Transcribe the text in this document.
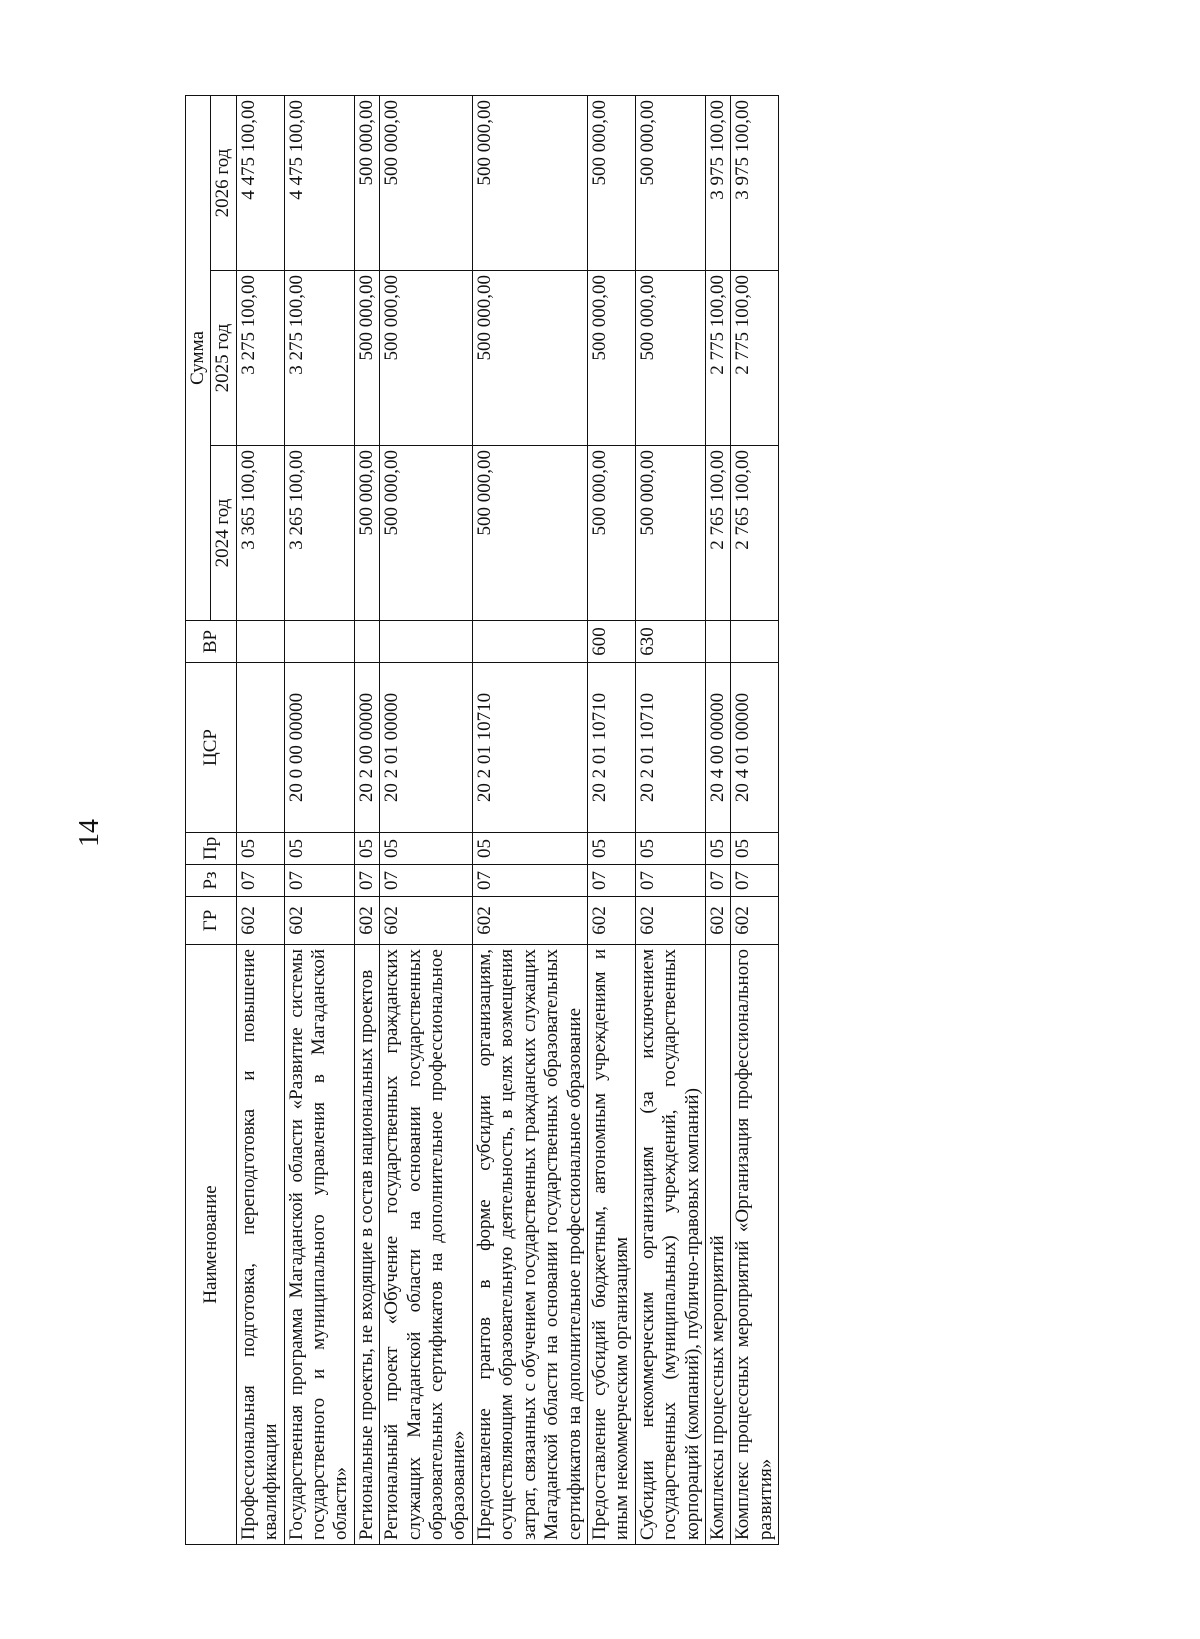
14
Наименование	ГР	Рз	Пр	ЦСР	ВР	Сумма		
						2024 год	2025 год	2026 год
Профессиональная подготовка, переподготовка и повышение квалификации	602	07	05			3 365 100,00	3 275 100,00	4 475 100,00
Государственная программа Магаданской области «Развитие системы государственного и муниципального управления в Магаданской области»	602	07	05	20 0 00 00000		3 265 100,00	3 275 100,00	4 475 100,00
Региональные проекты, не входящие в состав национальных проектов	602	07	05	20 2 00 00000		500 000,00	500 000,00	500 000,00
Региональный проект «Обучение государственных гражданских служащих Магаданской области на основании государственных образовательных сертификатов на дополнительное профессиональное образование»	602	07	05	20 2 01 00000		500 000,00	500 000,00	500 000,00
Предоставление грантов в форме субсидии организациям, осуществляющим образовательную деятельность, в целях возмещения затрат, связанных с обучением государственных гражданских служащих Магаданской области на основании государственных образовательных сертификатов на дополнительное профессиональное образование	602	07	05	20 2 01 10710		500 000,00	500 000,00	500 000,00
Предоставление субсидий бюджетным, автономным учреждениям и иным некоммерческим организациям	602	07	05	20 2 01 10710	600	500 000,00	500 000,00	500 000,00
Субсидии некоммерческим организациям (за исключением государственных (муниципальных) учреждений, государственных корпораций (компаний), публично-правовых компаний)	602	07	05	20 2 01 10710	630	500 000,00	500 000,00	500 000,00
Комплексы процессных мероприятий	602	07	05	20 4 00 00000		2 765 100,00	2 775 100,00	3 975 100,00
Комплекс процессных мероприятий «Организация профессионального развития»	602	07	05	20 4 01 00000		2 765 100,00	2 775 100,00	3 975 100,00
